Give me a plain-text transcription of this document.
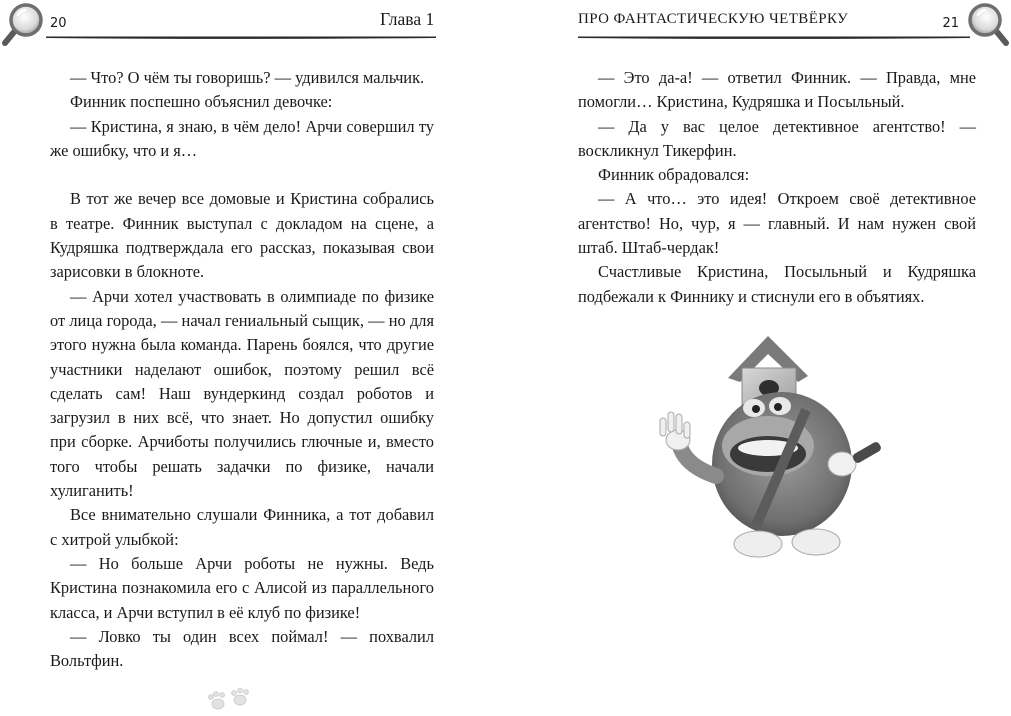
20	Глава 1

— Что? О чём ты говоришь? — удивился мальчик.

Финник поспешно объяснил девочке:

— Кристина, я знаю, в чём дело! Арчи совершил ту же ошибку, что и я…

В тот же вечер все домовые и Кристина собрались в театре. Финник выступал с докладом на сцене, а Кудряшка подтверждала его рассказ, показывая свои зарисовки в блокноте.

— Арчи хотел участвовать в олимпиаде по физике от лица города, — начал гениальный сыщик, — но для этого нужна была команда. Парень боялся, что другие участники наделают ошибок, поэтому решил всё сделать сам! Наш вундеркинд создал роботов и загрузил в них всё, что знает. Но допустил ошибку при сборке. Арчиботы получились глючные и, вместо того чтобы решать задачки по физике, начали хулиганить!

Все внимательно слушали Финника, а тот добавил с хитрой улыбкой:

— Но больше Арчи роботы не нужны. Ведь Кристина познакомила его с Алисой из параллельного класса, и Арчи вступил в её клуб по физике!

— Ловко ты один всех поймал! — похвалил Вольтфин.

21
ПРО ФАНТАСТИЧЕСКУЮ ЧЕТВЁРКУ

— Это да-а! — ответил Финник. — Правда, мне помогли… Кристина, Кудряшка и Посыльный.

— Да у вас целое детективное агентство! — воскликнул Тикерфин.

Финник обрадовался:

— А что… это идея! Откроем своё детективное агентство! Но, чур, я — главный. И нам нужен свой штаб. Штаб-чердак!

Счастливые Кристина, Посыльный и Кудряшка подбежали к Финнику и стиснули его в объятиях.
